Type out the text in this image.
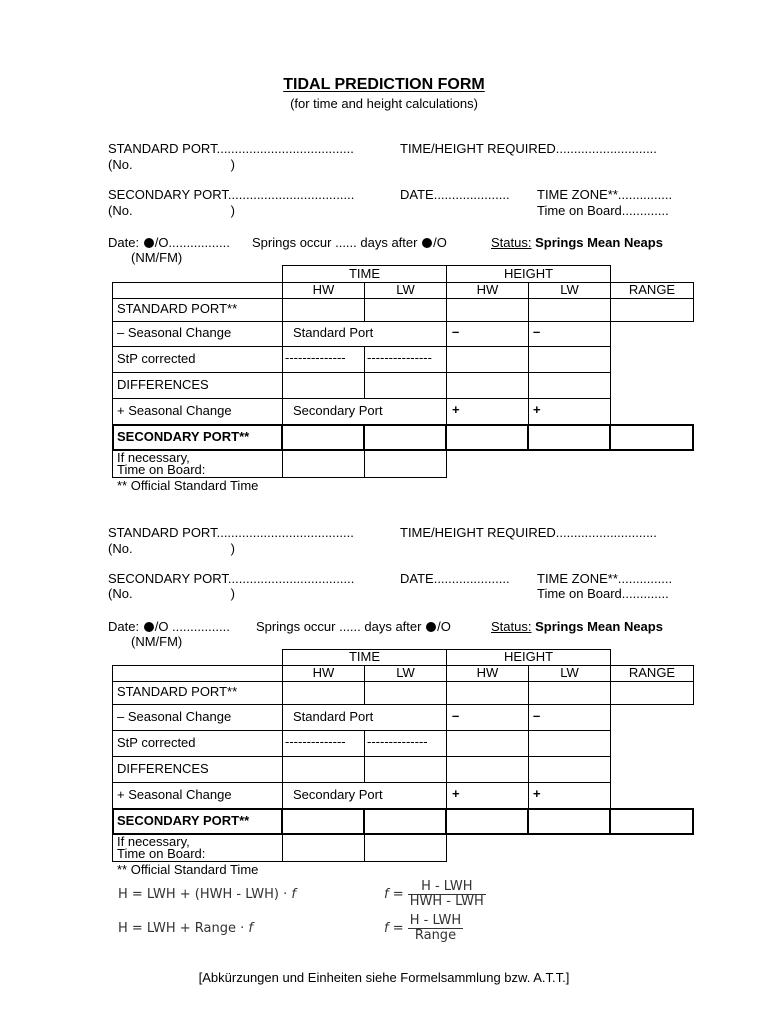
TIDAL PREDICTION FORM
(for time and height calculations)
STANDARD PORT......................................	TIME/HEIGHT REQUIRED............................
(No.	)
SECONDARY PORT...................................	DATE..................... TIME ZONE**...............
(No.	)	Time on Board.............
Date: /O................. Springs occur ...... days after /O	Status: Springs Mean Neaps
(NM/FM)
TIME	HEIGHT
HW	LW	HW	LW	RANGE
STANDARD PORT**
– Seasonal Change	Standard Port	–	–
StP corrected	-------------- ---------------
DIFFERENCES
+ Seasonal Change	Secondary Port	+	+
SECONDARY PORT**
If necessary,
Time on Board:
** Official Standard Time
STANDARD PORT......................................	TIME/HEIGHT REQUIRED............................
(No.	)
SECONDARY PORT...................................	DATE..................... TIME ZONE**...............
(No.	)	Time on Board.............
Date: /O ................ Springs occur ...... days after /O	Status: Springs Mean Neaps
(NM/FM)
TIME	HEIGHT
HW	LW	HW	LW	RANGE
STANDARD PORT**
– Seasonal Change	Standard Port	–	–
StP corrected	-------------- --------------
DIFFERENCES
+ Seasonal Change	Secondary Port	+	+
SECONDARY PORT**
If necessary,
Time on Board:
** Official Standard Time
H = LWH + (HWH - LWH) · f	$f = \frac{\text{H - LWH}}{\text{HWH - LWH}}$
H = LWH + Range · f	$f = \frac{\text{H - LWH}}{\text{Range}}$
[Abkürzungen und Einheiten siehe Formelsammlung bzw. A.T.T.]
